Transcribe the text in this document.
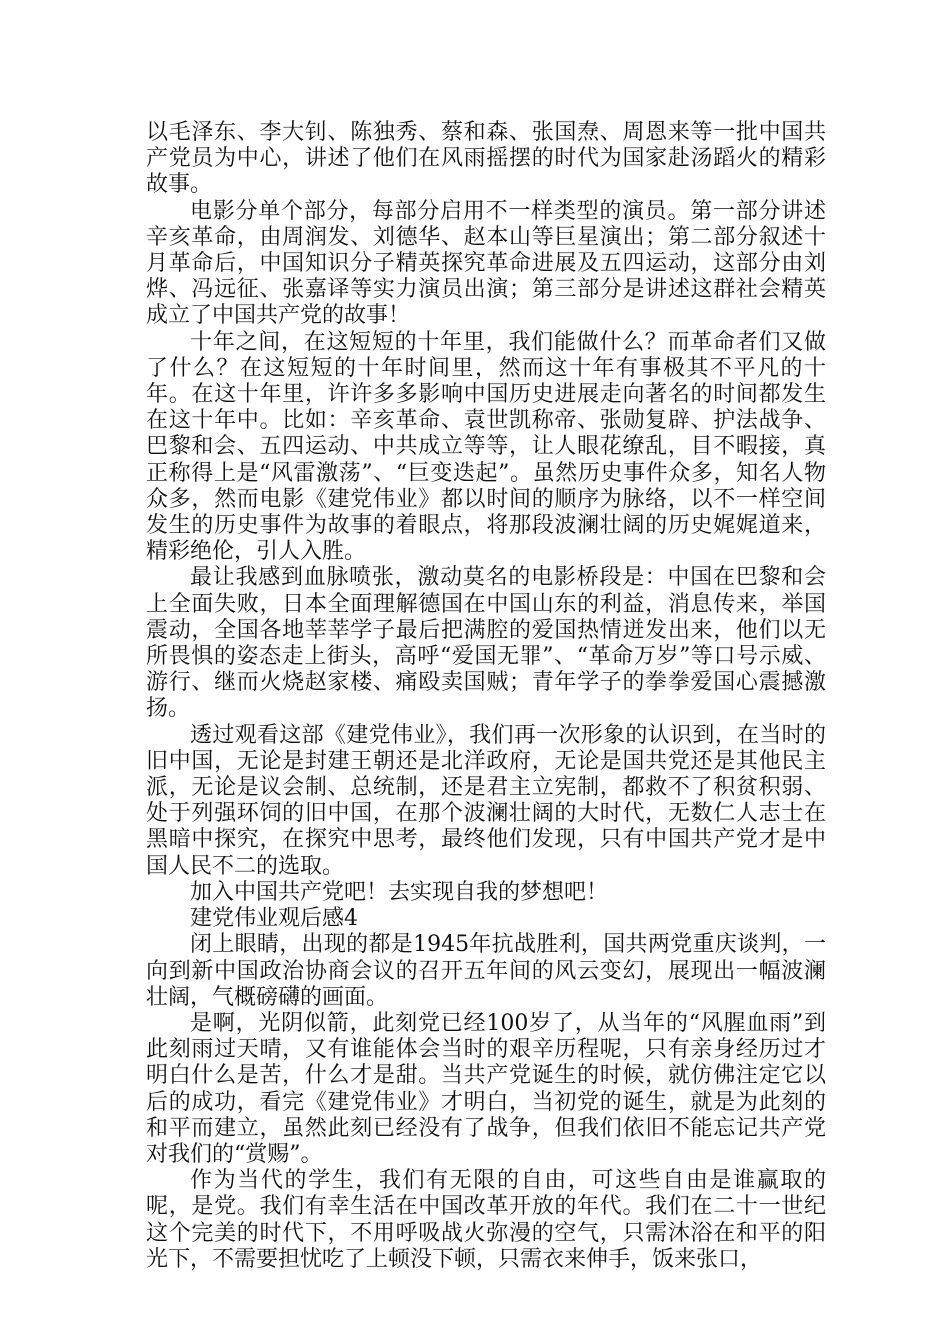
以毛泽东、李大钊、陈独秀、蔡和森、张国焘、周恩来等一批中国共产党员为中心，讲述了他们在风雨摇摆的时代为国家赴汤蹈火的精彩故事。

电影分单个部分，每部分启用不一样类型的演员。第一部分讲述辛亥革命，由周润发、刘德华、赵本山等巨星演出；第二部分叙述十月革命后，中国知识分子精英探究革命进展及五四运动，这部分由刘烨、冯远征、张嘉译等实力演员出演；第三部分是讲述这群社会精英成立了中国共产党的故事！

十年之间，在这短短的十年里，我们能做什么？而革命者们又做了什么？在这短短的十年时间里，然而这十年有事极其不平凡的十年。在这十年里，许许多多影响中国历史进展走向著名的时间都发生在这十年中。比如：辛亥革命、袁世凯称帝、张勋复辟、护法战争、巴黎和会、五四运动、中共成立等等，让人眼花缭乱，目不暇接，真正称得上是“风雷激荡”、“巨变迭起”。虽然历史事件众多，知名人物众多，然而电影《建党伟业》都以时间的顺序为脉络，以不一样空间发生的历史事件为故事的着眼点，将那段波澜壮阔的历史娓娓道来，精彩绝伦，引人入胜。

最让我感到血脉喷张，激动莫名的电影桥段是：中国在巴黎和会上全面失败，日本全面理解德国在中国山东的利益，消息传来，举国震动，全国各地莘莘学子最后把满腔的爱国热情迸发出来，他们以无所畏惧的姿态走上街头，高呼“爱国无罪”、“革命万岁”等口号示威、游行、继而火烧赵家楼、痛殴卖国贼；青年学子的拳拳爱国心震撼激扬。

透过观看这部《建党伟业》，我们再一次形象的认识到，在当时的旧中国，无论是封建王朝还是北洋政府，无论是国共党还是其他民主派，无论是议会制、总统制，还是君主立宪制，都救不了积贫积弱、处于列强环饲的旧中国，在那个波澜壮阔的大时代，无数仁人志士在黑暗中探究，在探究中思考，最终他们发现，只有中国共产党才是中国人民不二的选取。

加入中国共产党吧！去实现自我的梦想吧！

建党伟业观后感4

闭上眼睛，出现的都是1945年抗战胜利，国共两党重庆谈判，一向到新中国政治协商会议的召开五年间的风云变幻，展现出一幅波澜壮阔，气概磅礴的画面。

是啊，光阴似箭，此刻党已经100岁了，从当年的“风腥血雨”到此刻雨过天晴，又有谁能体会当时的艰辛历程呢，只有亲身经历过才明白什么是苦，什么才是甜。当共产党诞生的时候，就仿佛注定它以后的成功，看完《建党伟业》才明白，当初党的诞生，就是为此刻的和平而建立，虽然此刻已经没有了战争，但我们依旧不能忘记共产党对我们的“赏赐”。

作为当代的学生，我们有无限的自由，可这些自由是谁赢取的呢，是党。我们有幸生活在中国改革开放的年代。我们在二十一世纪这个完美的时代下，不用呼吸战火弥漫的空气，只需沐浴在和平的阳光下，不需要担忧吃了上顿没下顿，只需衣来伸手，饭来张口，
